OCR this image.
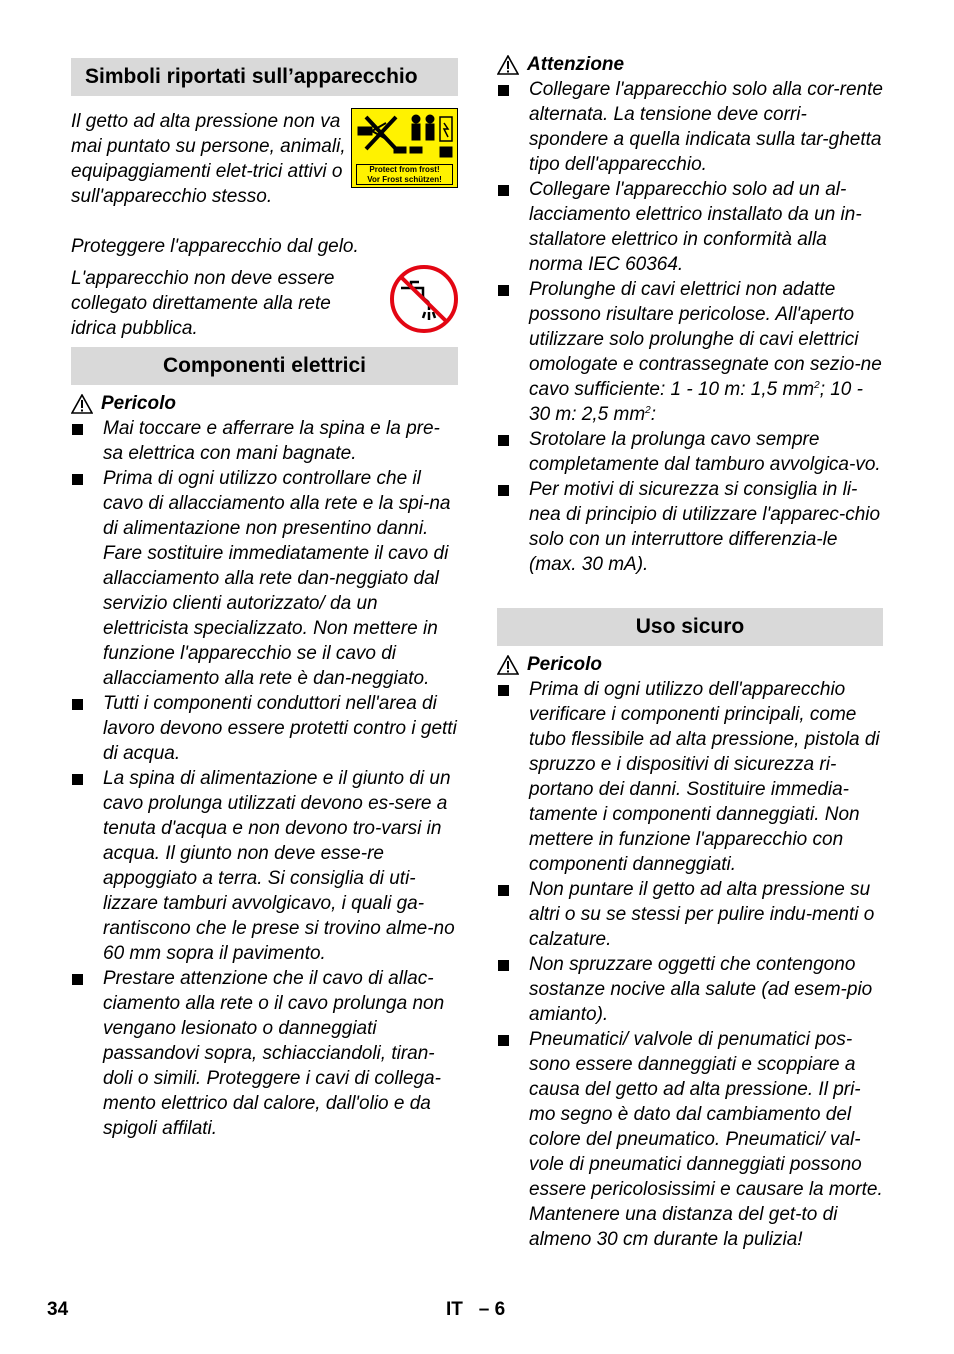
Simboli riportati sull’apparecchio
Il getto ad alta pressione non va mai puntato su persone, animali, equipaggiamenti elet-trici attivi o sull'apparecchio stesso.
Protect from frost!
Vor Frost schützen!
Proteggere l'apparecchio dal gelo.
L'apparecchio non deve essere collegato direttamente alla rete idrica pubblica.
Componenti elettrici
Pericolo
Mai toccare e afferrare la spina e la pre-sa elettrica con mani bagnate.
Prima di ogni utilizzo controllare che il cavo di allacciamento alla rete e la spi-na di alimentazione non presentino danni. Fare sostituire immediatamente il cavo di allacciamento alla rete dan-neggiato dal servizio clienti autorizzato/ da un elettricista specializzato. Non mettere in funzione l'apparecchio se il cavo di allacciamento alla rete è dan-neggiato.
Tutti i componenti conduttori nell'area di lavoro devono essere protetti contro i getti di acqua.
La spina di alimentazione e il giunto di un cavo prolunga utilizzati devono es-sere a tenuta d'acqua e non devono tro-varsi in acqua. Il giunto non deve esse-re appoggiato a terra. Si consiglia di uti-lizzare tamburi avvolgicavo, i quali ga-rantiscono che le prese si trovino alme-no 60 mm sopra il pavimento.
Prestare attenzione che il cavo di allac-ciamento alla rete o il cavo prolunga non vengano lesionato o danneggiati passandovi sopra, schiacciandoli, tiran-doli o simili. Proteggere i cavi di collega-mento elettrico dal calore, dall'olio e da spigoli affilati.
Attenzione
Collegare l'apparecchio solo alla cor-rente alternata. La tensione deve corri-spondere a quella indicata sulla tar-ghetta tipo dell'apparecchio.
Collegare l'apparecchio solo ad un al-lacciamento elettrico installato da un in-stallatore elettrico in conformità alla norma IEC 60364.
Prolunghe di cavi elettrici non adatte possono risultare pericolose. All'aperto utilizzare solo prolunghe di cavi elettrici omologate e contrassegnate con sezio-ne cavo sufficiente: 1 - 10 m: 1,5 $mm^2$; 10 - 30 m: 2,5 $mm^2$:
Srotolare la prolunga cavo sempre completamente dal tamburo avvolgica-vo.
Per motivi di sicurezza si consiglia in li-nea di principio di utilizzare l'apparec-chio solo con un interruttore differenzia-le (max. 30 mA).
Uso sicuro
Pericolo
Prima di ogni utilizzo dell'apparecchio verificare i componenti principali, come tubo flessibile ad alta pressione, pistola di spruzzo e i dispositivi di sicurezza ri-portano dei danni. Sostituire immedia-tamente i componenti danneggiati. Non mettere in funzione l'apparecchio con componenti danneggiati.
Non puntare il getto ad alta pressione su altri o su se stessi per pulire indu-menti o calzature.
Non spruzzare oggetti che contengono sostanze nocive alla salute (ad esem-pio amianto).
Pneumatici/ valvole di penumatici pos-sono essere danneggiati e scoppiare a causa del getto ad alta pressione. Il pri-mo segno è dato dal cambiamento del colore del pneumatico. Pneumatici/ val-vole di pneumatici danneggiati possono essere pericolosissimi e causare la morte. Mantenere una distanza del get-to di almeno 30 cm durante la pulizia!
34	IT   – 6
